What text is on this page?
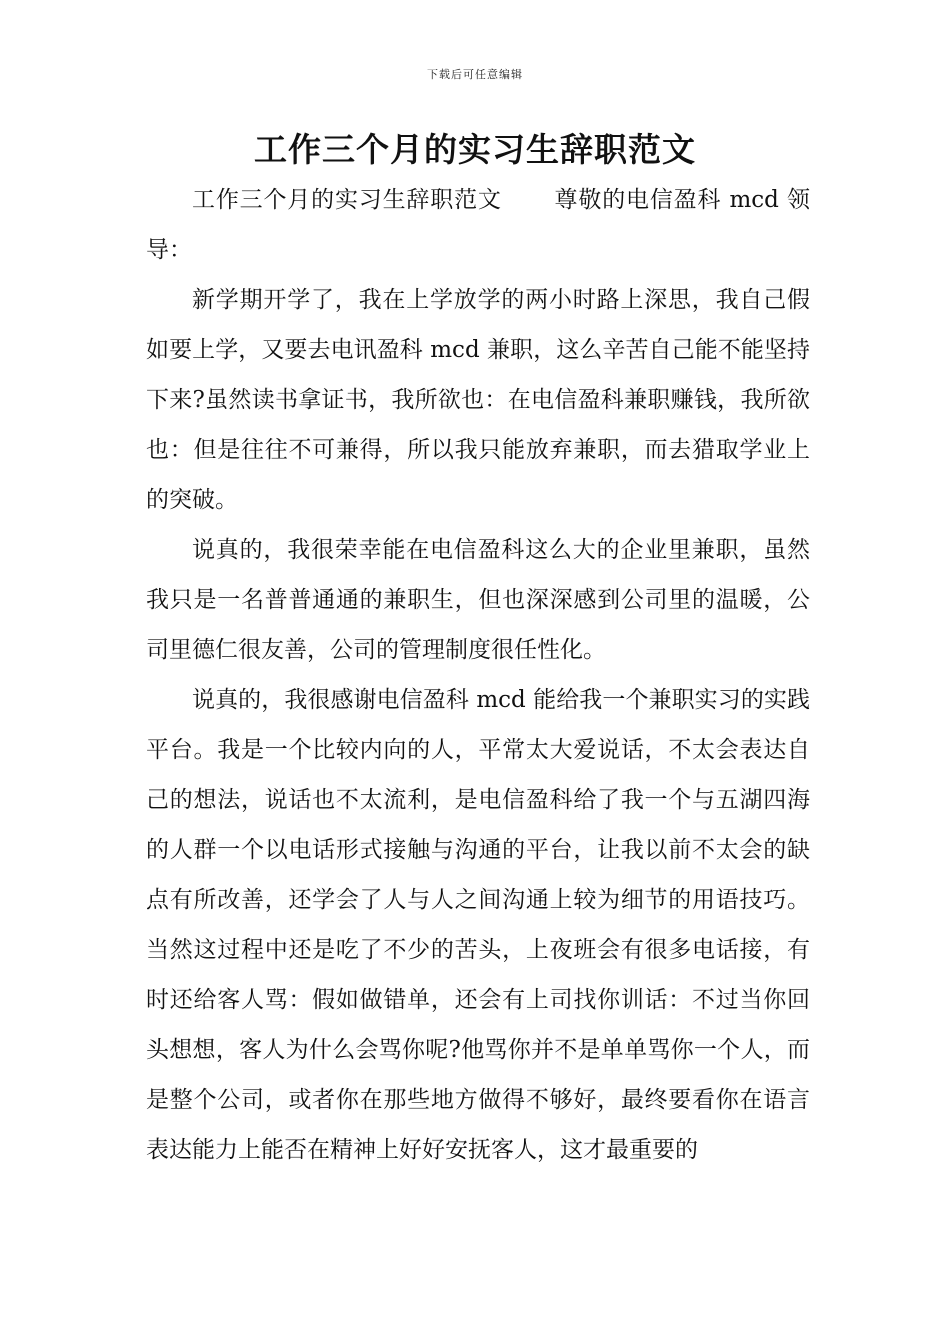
下载后可任意编辑
工作三个月的实习生辞职范文

工作三个月的实习生辞职范文 尊敬的电信盈科 mcd 领导：

新学期开学了，我在上学放学的两小时路上深思，我自己假如要上学，又要去电讯盈科 mcd 兼职，这么辛苦自己能不能坚持下来?虽然读书拿证书，我所欲也：在电信盈科兼职赚钱，我所欲也：但是往往不可兼得，所以我只能放弃兼职，而去猎取学业上的突破。

说真的，我很荣幸能在电信盈科这么大的企业里兼职，虽然我只是一名普普通通的兼职生，但也深深感到公司里的温暖，公司里德仁很友善，公司的管理制度很任性化。

说真的，我很感谢电信盈科 mcd 能给我一个兼职实习的实践平台。我是一个比较内向的人，平常太大爱说话，不太会表达自己的想法，说话也不太流利，是电信盈科给了我一个与五湖四海的人群一个以电话形式接触与沟通的平台，让我以前不太会的缺点有所改善，还学会了人与人之间沟通上较为细节的用语技巧。当然这过程中还是吃了不少的苦头，上夜班会有很多电话接，有时还给客人骂：假如做错单，还会有上司找你训话：不过当你回头想想，客人为什么会骂你呢?他骂你并不是单单骂你一个人，而是整个公司，或者你在那些地方做得不够好，最终要看你在语言表达能力上能否在精神上好好安抚客人，这才最重要的
